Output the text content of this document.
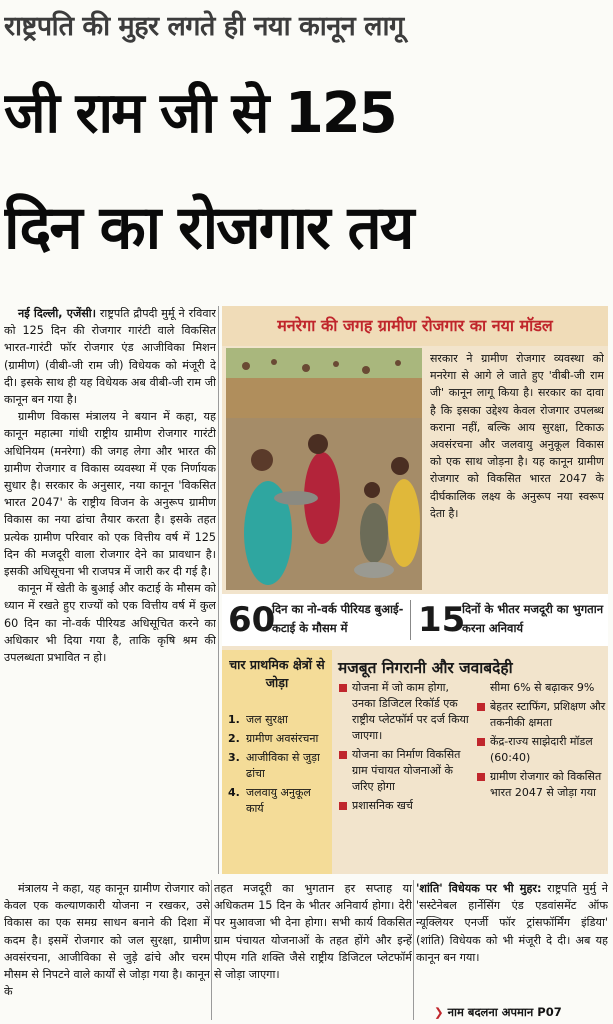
राष्ट्रपति की मुहर लगते ही नया कानून लागू
जी राम जी से 125
दिन का रोजगार तय

नई दिल्ली, एजेंसी। राष्ट्रपति द्रौपदी मुर्मू ने रविवार को 125 दिन की रोजगार गारंटी वाले विकसित भारत-गारंटी फॉर रोजगार एंड आजीविका मिशन (ग्रामीण) (वीबी-जी राम जी) विधेयक को मंजूरी दे दी। इसके साथ ही यह विधेयक अब वीबी-जी राम जी कानून बन गया है।

ग्रामीण विकास मंत्रालय ने बयान में कहा, यह कानून महात्मा गांधी राष्ट्रीय ग्रामीण रोजगार गारंटी अधिनियम (मनरेगा) की जगह लेगा और भारत की ग्रामीण रोजगार व विकास व्यवस्था में एक निर्णायक सुधार है। सरकार के अनुसार, नया कानून 'विकसित भारत 2047' के राष्ट्रीय विजन के अनुरूप ग्रामीण विकास का नया ढांचा तैयार करता है। इसके तहत प्रत्येक ग्रामीण परिवार को एक वित्तीय वर्ष में 125 दिन की मजदूरी वाला रोजगार देने का प्रावधान है। इसकी अधिसूचना भी राजपत्र में जारी कर दी गई है।

कानून में खेती के बुआई और कटाई के मौसम को ध्यान में रखते हुए राज्यों को एक वित्तीय वर्ष में कुल 60 दिन का नो-वर्क पीरियड अधिसूचित करने का अधिकार भी दिया गया है, ताकि कृषि श्रम की उपलब्धता प्रभावित न हो।

मंत्रालय ने कहा, यह कानून ग्रामीण रोजगार को केवल एक कल्याणकारी योजना न रखकर, उसे विकास का एक समग्र साधन बनाने की दिशा में कदम है। इसमें रोजगार को जल सुरक्षा, ग्रामीण अवसंरचना, आजीविका से जुड़े ढांचे और चरम मौसम से निपटने वाले कार्यों से जोड़ा गया है। कानून के

मनरेगा की जगह ग्रामीण रोजगार का नया मॉडल
सरकार ने ग्रामीण रोजगार व्यवस्था को मनरेगा से आगे ले जाते हुए 'वीबी-जी राम जी' कानून लागू किया है। सरकार का दावा है कि इसका उद्देश्य केवल रोजगार उपलब्ध कराना नहीं, बल्कि आय सुरक्षा, टिकाऊ अवसंरचना और जलवायु अनुकूल विकास को एक साथ जोड़ना है। यह कानून ग्रामीण रोजगार को विकसित भारत 2047 के दीर्घकालिक लक्ष्य के अनुरूप नया स्वरूप देता है।
60
दिन का नो-वर्क पीरियड बुआई-कटाई के मौसम में	15
दिनों के भीतर मजदूरी का भुगतान करना अनिवार्य
चार प्राथमिक क्षेत्रों से जोड़ा
1. जल सुरक्षा
2. ग्रामीण अवसंरचना
3. आजीविका से जुड़ा ढांचा
4. जलवायु अनुकूल कार्य
मजबूत निगरानी और जवाबदेही
योजना में जो काम होगा, उनका डिजिटल रिकॉर्ड एक राष्ट्रीय प्लेटफॉर्म पर दर्ज किया जाएगा।
योजना का निर्माण विकसित ग्राम पंचायत योजनाओं के जरिए होगा
प्रशासनिक खर्च
सीमा 6% से बढ़ाकर 9%
बेहतर स्टाफिंग, प्रशिक्षण और तकनीकी क्षमता
केंद्र-राज्य साझेदारी मॉडल (60:40)
ग्रामीण रोजगार को विकसित भारत 2047 से जोड़ा गया

तहत मजदूरी का भुगतान हर सप्ताह या अधिकतम 15 दिन के भीतर अनिवार्य होगा। देरी पर मुआवजा भी देना होगा। सभी कार्य विकसित ग्राम पंचायत योजनाओं के तहत होंगे और इन्हें पीएम गति शक्ति जैसे राष्ट्रीय डिजिटल प्लेटफॉर्म से जोड़ा जाएगा।

'शांति' विधेयक पर भी मुहर: राष्ट्रपति मुर्मु ने 'सस्टेनेबल हार्नेसिंग एंड एडवांसमेंट ऑफ न्यूक्लियर एनर्जी फॉर ट्रांसफॉर्मिंग इंडिया' (शांति) विधेयक को भी मंजूरी दे दी। अब यह कानून बन गया।

❯ नाम बदलना अपमान P07
